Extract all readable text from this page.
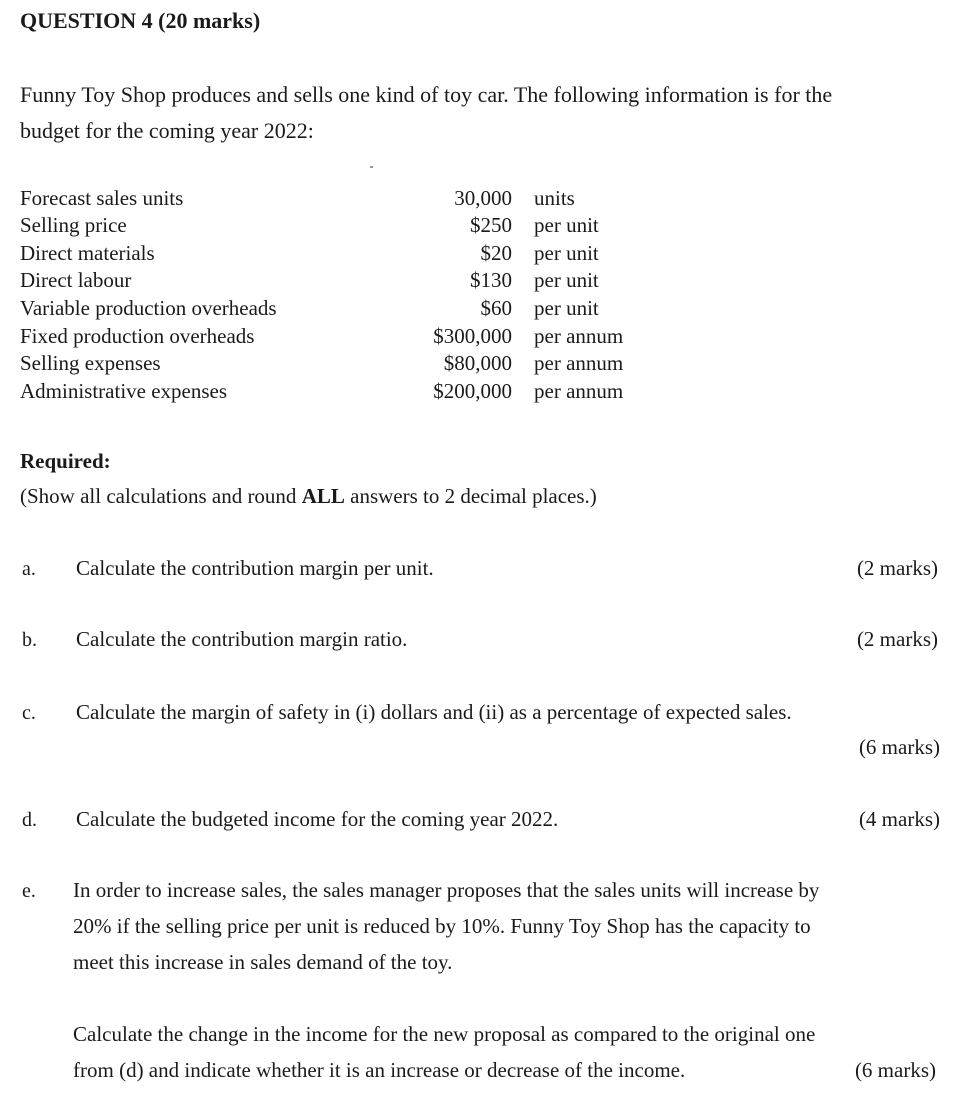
QUESTION 4 (20 marks)
Funny Toy Shop produces and sells one kind of toy car. The following information is for the
budget for the coming year 2022:
Forecast sales units	30,000 units
Selling price	$250 per unit
Direct materials	$20 per unit
Direct labour	$130 per unit
Variable production overheads	$60 per unit
Fixed production overheads	$300,000 per annum
Selling expenses	$80,000 per annum
Administrative expenses	$200,000 per annum
Required:
(Show all calculations and round ALL answers to 2 decimal places.)
a. Calculate the contribution margin per unit.	(2 marks)
b. Calculate the contribution margin ratio.	(2 marks)
c. Calculate the margin of safety in (i) dollars and (ii) as a percentage of expected sales.
(6 marks)
d. Calculate the budgeted income for the coming year 2022.	(4 marks)
e. In order to increase sales, the sales manager proposes that the sales units will increase by
20% if the selling price per unit is reduced by 10%. Funny Toy Shop has the capacity to
meet this increase in sales demand of the toy.
Calculate the change in the income for the new proposal as compared to the original one
from (d) and indicate whether it is an increase or decrease of the income.	(6 marks)
